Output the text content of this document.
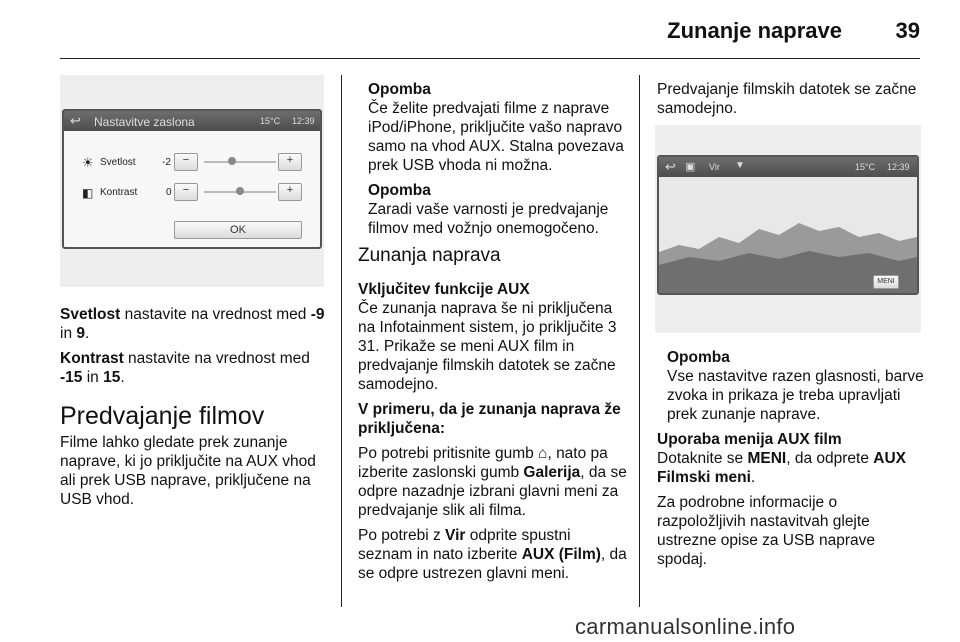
Zunanje naprave 39
↩ Nastavitve zaslona	15°C 12:39
☀ Svetlost	-2	−	+
◧ Kontrast	0	−	+
OK

Svetlost nastavite na vrednost med -9 in 9.

Kontrast nastavite na vrednost med -15 in 15.

Predvajanje filmov

Filme lahko gledate prek zunanje naprave, ki jo priključite na AUX vhod ali prek USB naprave, priključene na USB vhod.

Opomba

Če želite predvajati filme z naprave iPod/iPhone, priključite vašo napravo samo na vhod AUX. Stalna povezava prek USB vhoda ni možna.

Opomba

Zaradi vaše varnosti je predvajanje filmov med vožnjo onemogočeno.

Zunanja naprava
Vključitev funkcije AUX

Če zunanja naprava še ni priključena na Infotainment sistem, jo priključite 3 31. Prikaže se meni AUX film in predvajanje filmskih datotek se začne samodejno.

V primeru, da je zunanja naprava že priključena:

Po potrebi pritisnite gumb ⌂, nato pa izberite zaslonski gumb Galerija, da se odpre nazadnje izbrani glavni meni za predvajanje slik ali filma.

Po potrebi z Vir odprite spustni seznam in nato izberite AUX (Film), da se odpre ustrezen glavni meni.

Predvajanje filmskih datotek se začne samodejno.

↩ ▣ Vir ▼	15°C 12:39
MENI
Opomba

Vse nastavitve razen glasnosti, barve zvoka in prikaza je treba upravljati prek zunanje naprave.

Uporaba menija AUX film

Dotaknite se MENI, da odprete AUX Filmski meni.

Za podrobne informacije o razpoložljivih nastavitvah glejte ustrezne opise za USB naprave spodaj.

carmanualsonline.info
